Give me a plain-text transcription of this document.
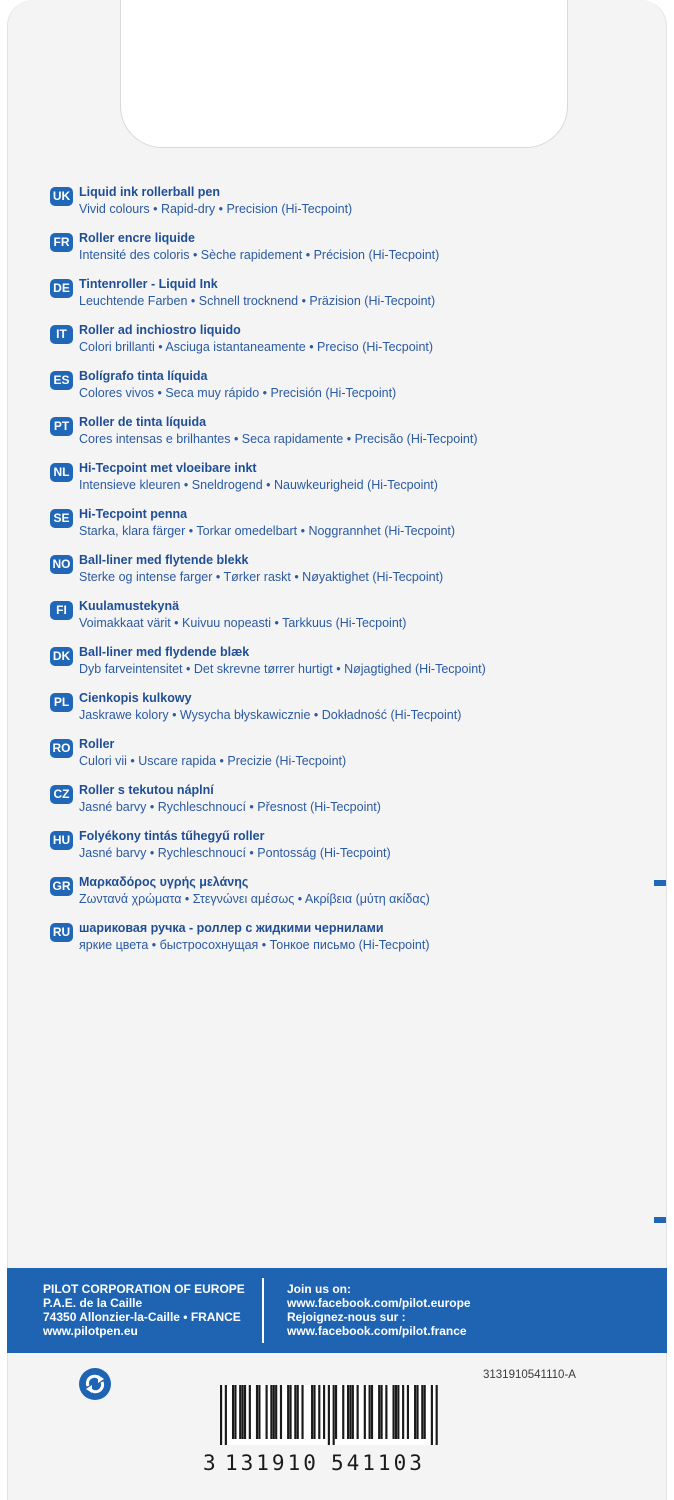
UK Liquid ink rollerball pen
Vivid colours • Rapid-dry • Precision (Hi-Tecpoint)
FR Roller encre liquide
Intensité des coloris • Sèche rapidement • Précision (Hi-Tecpoint)
DE Tintenroller - Liquid Ink
Leuchtende Farben • Schnell trocknend • Präzision (Hi-Tecpoint)
IT Roller ad inchiostro liquido
Colori brillanti • Asciuga istantaneamente • Preciso (Hi-Tecpoint)
ES Bolígrafo tinta líquida
Colores vivos • Seca muy rápido • Precisión (Hi-Tecpoint)
PT Roller de tinta líquida
Cores intensas e brilhantes • Seca rapidamente • Precisão (Hi-Tecpoint)
NL Hi-Tecpoint met vloeibare inkt
Intensieve kleuren • Sneldrogend • Nauwkeurigheid (Hi-Tecpoint)
SE Hi-Tecpoint penna
Starka, klara färger • Torkar omedelbart • Noggrannhet (Hi-Tecpoint)
NO Ball-liner med flytende blekk
Sterke og intense farger • Tørker raskt • Nøyaktighet (Hi-Tecpoint)
FI Kuulamustekynä
Voimakkaat värit • Kuivuu nopeasti • Tarkkuus (Hi-Tecpoint)
DK Ball-liner med flydende blæk
Dyb farveintensitet • Det skrevne tørrer hurtigt • Nøjagtighed (Hi-Tecpoint)
PL Cienkopis kulkowy
Jaskrawe kolory • Wysycha błyskawicznie • Dokładność (Hi-Tecpoint)
RO Roller
Culori vii • Uscare rapida • Precizie (Hi-Tecpoint)
CZ Roller s tekutou náplní
Jasné barvy • Rychleschnoucí • Přesnost (Hi-Tecpoint)
HU Folyékony tintás tűhegyű roller
Jasné barvy • Rychleschnoucí • Pontosság (Hi-Tecpoint)
GR Μαρκαδόρος υγρής μελάνης
Ζωντανά χρώματα • Στεγνώνει αμέσως • Ακρίβεια (μύτη ακίδας)
RU шариковая ручка - роллер с жидкими чернилами
яркие цвета • быстросохнущая • Тонкое письмо (Hi-Tecpoint)
PILOT CORPORATION OF EUROPE
P.A.E. de la Caille
74350 Allonzier-la-Caille • FRANCE
www.pilotpen.eu
Join us on:
www.facebook.com/pilot.europe
Rejoignez-nous sur :
www.facebook.com/pilot.france
3131910541110-A
3 131910 541103
